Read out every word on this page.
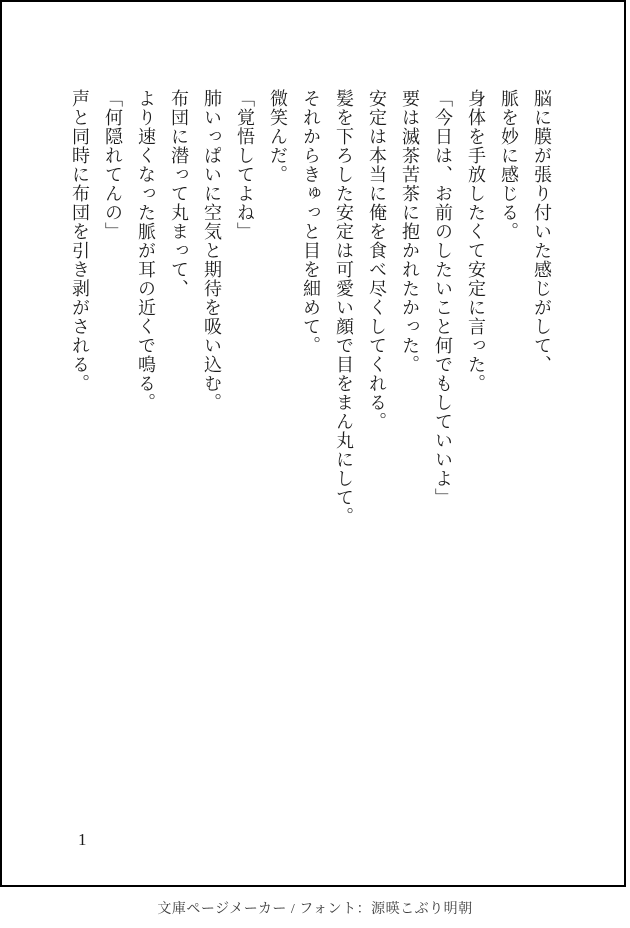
脳に膜が張り付いた感じがして、

脈を妙に感じる。

身体を手放したくて安定に言った。

「今日は、お前のしたいこと何でもしていいよ」

要は滅茶苦茶に抱かれたかった。

安定は本当に俺を食べ尽くしてくれる。

髪を下ろした安定は可愛い顔で目をまん丸にして。

それからきゅっと目を細めて。

微笑んだ。

「覚悟してよね」

肺いっぱいに空気と期待を吸い込む。

布団に潜って丸まって、

より速くなった脈が耳の近くで鳴る。

「何隠れてんの」

声と同時に布団を引き剥がされる。

1
文庫ページメーカー / フォント：源暎こぶり明朝
